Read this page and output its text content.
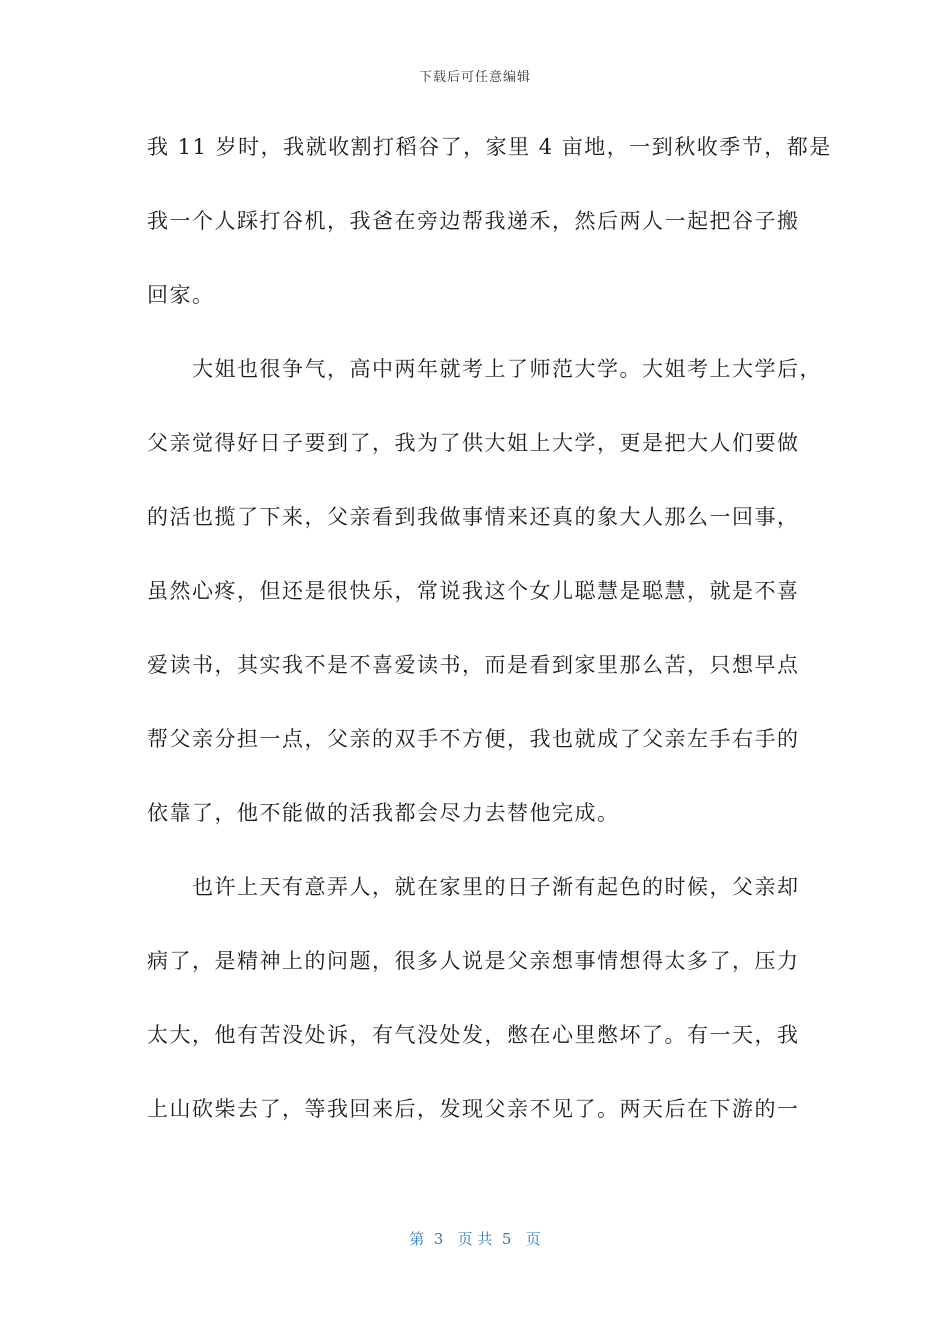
下载后可任意编辑
我 11 岁时，我就收割打稻谷了，家里 4 亩地，一到秋收季节，都是
我一个人踩打谷机，我爸在旁边帮我递禾，然后两人一起把谷子搬
回家。
　　大姐也很争气，高中两年就考上了师范大学。大姐考上大学后，
父亲觉得好日子要到了，我为了供大姐上大学，更是把大人们要做
的活也揽了下来，父亲看到我做事情来还真的象大人那么一回事，
虽然心疼，但还是很快乐，常说我这个女儿聪慧是聪慧，就是不喜
爱读书，其实我不是不喜爱读书，而是看到家里那么苦，只想早点
帮父亲分担一点，父亲的双手不方便，我也就成了父亲左手右手的
依靠了，他不能做的活我都会尽力去替他完成。
　　也许上天有意弄人，就在家里的日子渐有起色的时候，父亲却
病了，是精神上的问题，很多人说是父亲想事情想得太多了，压力
太大，他有苦没处诉，有气没处发，憋在心里憋坏了。有一天，我
上山砍柴去了，等我回来后，发现父亲不见了。两天后在下游的一
第  3   页 共  5   页
